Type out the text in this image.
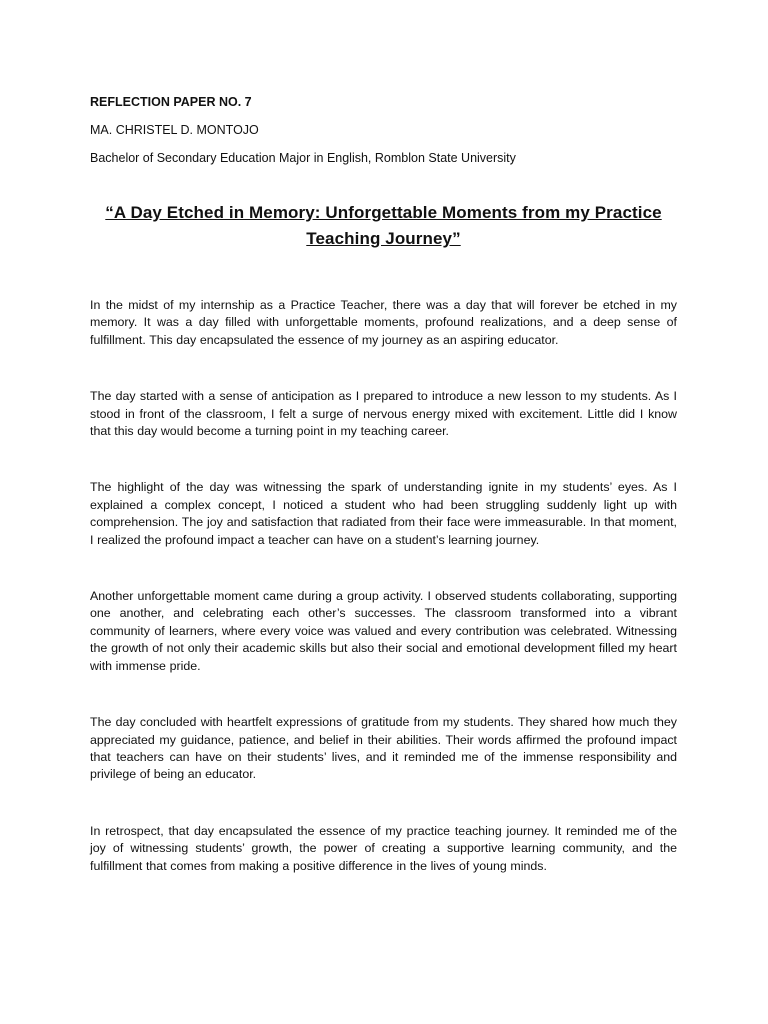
REFLECTION PAPER NO. 7
MA. CHRISTEL D. MONTOJO
Bachelor of Secondary Education Major in English, Romblon State University
“A Day Etched in Memory: Unforgettable Moments from my Practice Teaching Journey”

In the midst of my internship as a Practice Teacher, there was a day that will forever be etched in my memory. It was a day filled with unforgettable moments, profound realizations, and a deep sense of fulfillment. This day encapsulated the essence of my journey as an aspiring educator.

The day started with a sense of anticipation as I prepared to introduce a new lesson to my students. As I stood in front of the classroom, I felt a surge of nervous energy mixed with excitement. Little did I know that this day would become a turning point in my teaching career.

The highlight of the day was witnessing the spark of understanding ignite in my students’ eyes. As I explained a complex concept, I noticed a student who had been struggling suddenly light up with comprehension. The joy and satisfaction that radiated from their face were immeasurable. In that moment, I realized the profound impact a teacher can have on a student’s learning journey.

Another unforgettable moment came during a group activity. I observed students collaborating, supporting one another, and celebrating each other’s successes. The classroom transformed into a vibrant community of learners, where every voice was valued and every contribution was celebrated. Witnessing the growth of not only their academic skills but also their social and emotional development filled my heart with immense pride.

The day concluded with heartfelt expressions of gratitude from my students. They shared how much they appreciated my guidance, patience, and belief in their abilities. Their words affirmed the profound impact that teachers can have on their students’ lives, and it reminded me of the immense responsibility and privilege of being an educator.

In retrospect, that day encapsulated the essence of my practice teaching journey. It reminded me of the joy of witnessing students’ growth, the power of creating a supportive learning community, and the fulfillment that comes from making a positive difference in the lives of young minds.
